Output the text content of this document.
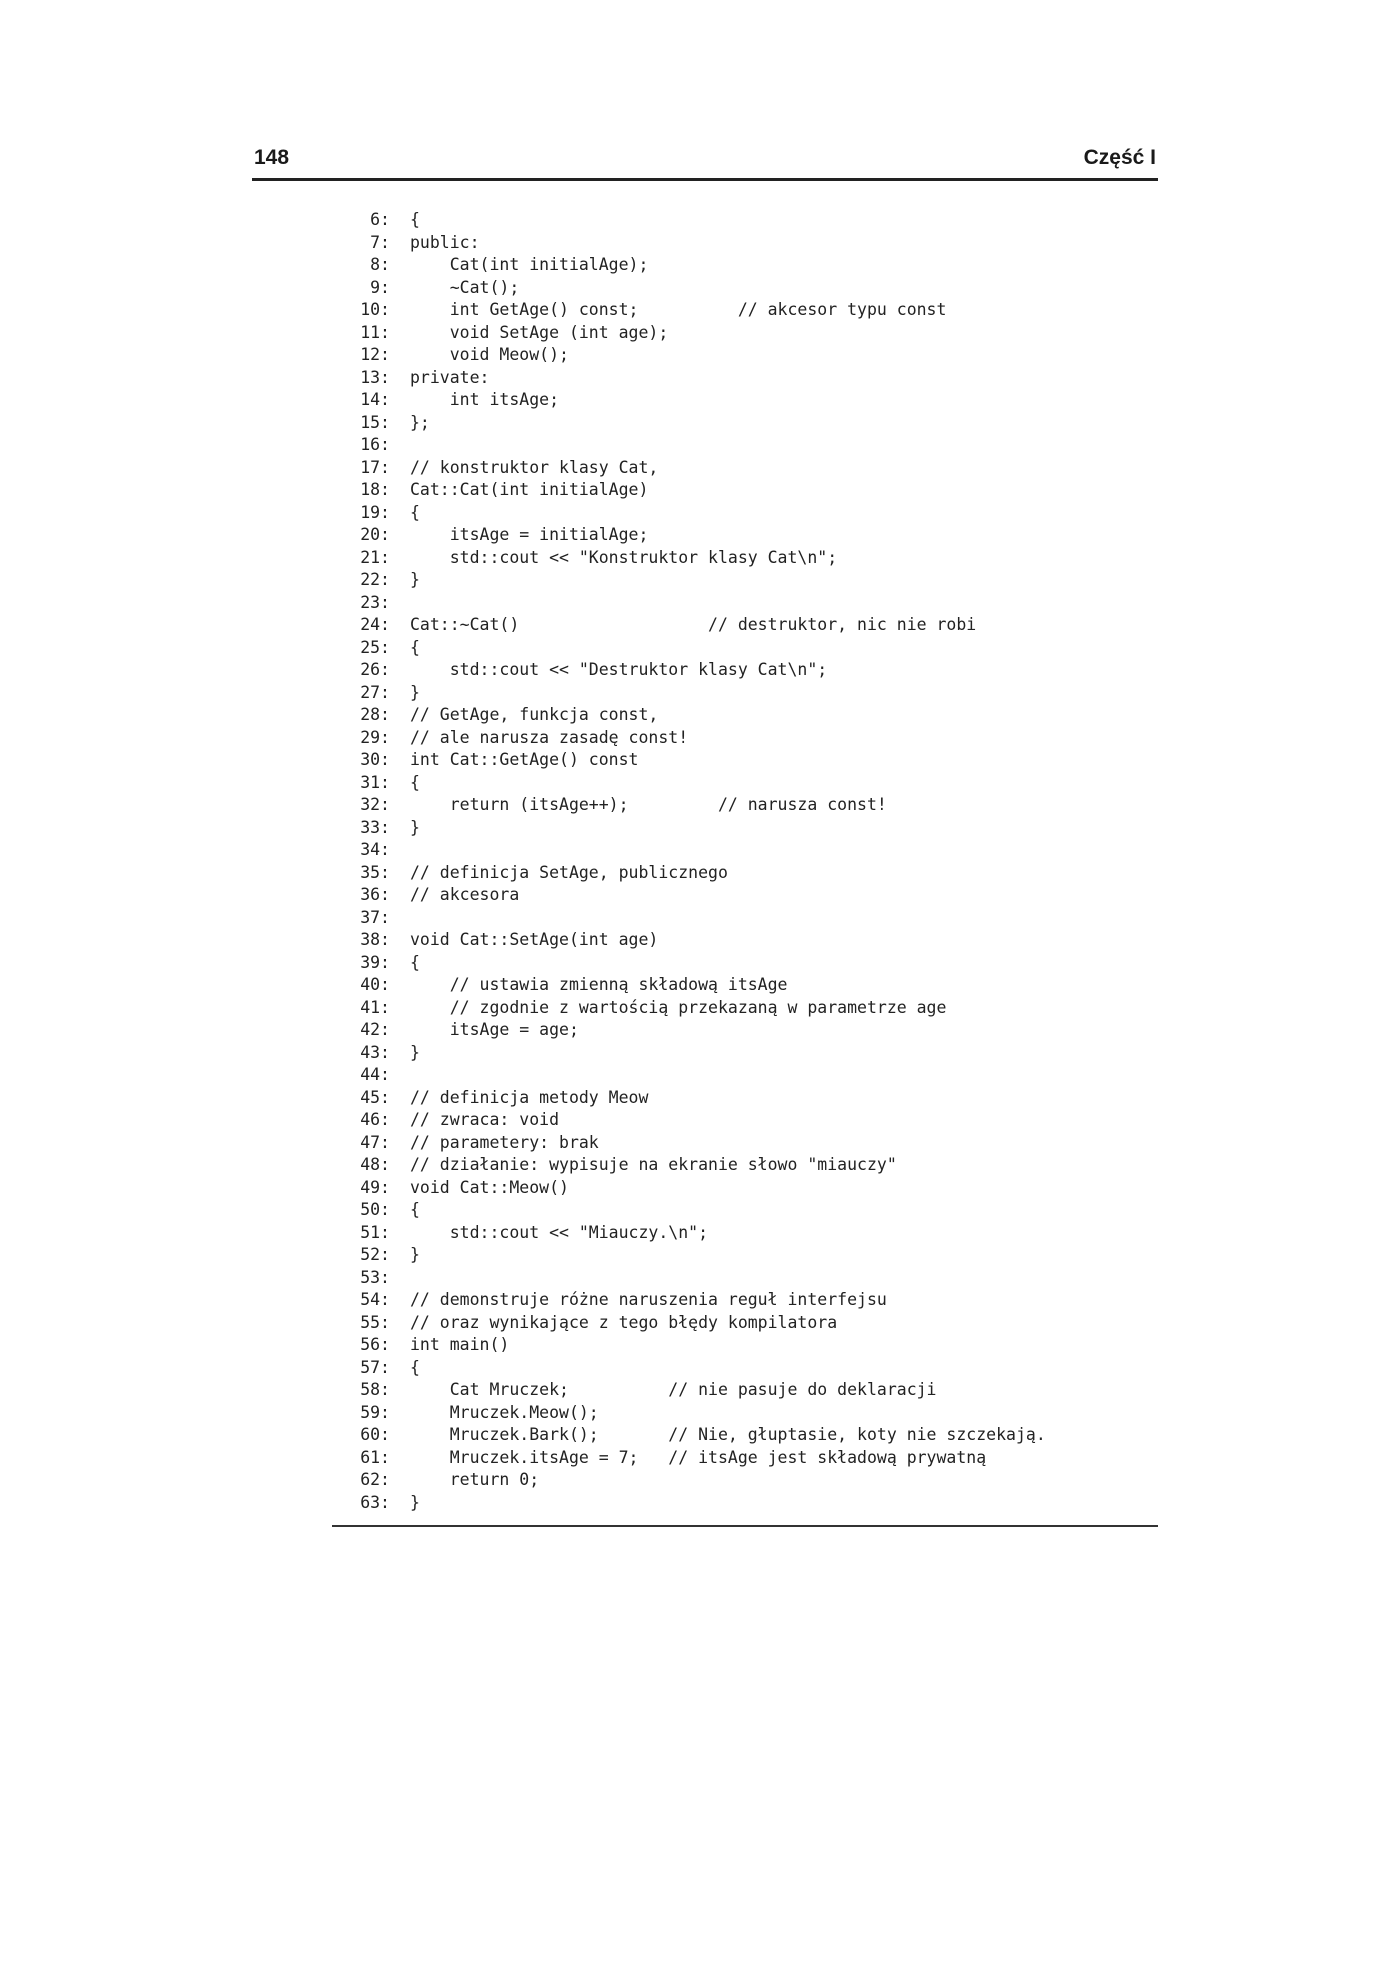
148	Część I
6:	{
7:	public:
8:	Cat(int initialAge);
9:	~Cat();
10:	int GetAge() const;          // akcesor typu const
11:	void SetAge (int age);
12:	void Meow();
13:	private:
14:	int itsAge;
15:	};
16:
17:	// konstruktor klasy Cat,
18:	Cat::Cat(int initialAge)
19:	{
20:	itsAge = initialAge;
21:	std::cout << "Konstruktor klasy Cat\n";
22:	}
23:
24:	Cat::~Cat()                   // destruktor, nic nie robi
25:	{
26:	std::cout << "Destruktor klasy Cat\n";
27:	}
28:	// GetAge, funkcja const,
29:	// ale narusza zasadę const!
30:	int Cat::GetAge() const
31:	{
32:	return (itsAge++);         // narusza const!
33:	}
34:
35:	// definicja SetAge, publicznego
36:	// akcesora
37:
38:	void Cat::SetAge(int age)
39:	{
40:	// ustawia zmienną składową itsAge
41:	// zgodnie z wartością przekazaną w parametrze age
42:	itsAge = age;
43:	}
44:
45:	// definicja metody Meow
46:	// zwraca: void
47:	// parametery: brak
48:	// działanie: wypisuje na ekranie słowo "miauczy"
49:	void Cat::Meow()
50:	{
51:	std::cout << "Miauczy.\n";
52:	}
53:
54:	// demonstruje różne naruszenia reguł interfejsu
55:	// oraz wynikające z tego błędy kompilatora
56:	int main()
57:	{
58:	Cat Mruczek;          // nie pasuje do deklaracji
59:	Mruczek.Meow();
60:	Mruczek.Bark();       // Nie, głuptasie, koty nie szczekają.
61:	Mruczek.itsAge = 7;   // itsAge jest składową prywatną
62:	return 0;
63:	}
